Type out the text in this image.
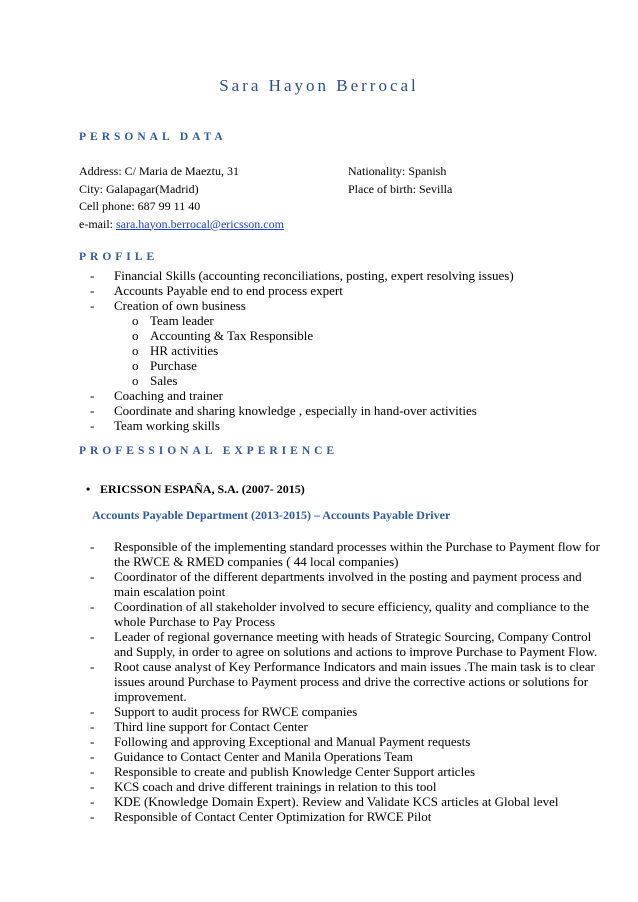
Sara Hayon Berrocal
PERSONAL DATA
Address: C/ Maria de Maeztu, 31
City: Galapagar(Madrid)
Cell phone: 687 99 11 40
e-mail: sara.hayon.berrocal@ericsson.com
Nationality: Spanish
Place of birth: Sevilla
PROFILE
- Financial Skills (accounting reconciliations, posting, expert resolving issues)
- Accounts Payable end to end process expert
- Creation of own business
o Team leader
o Accounting & Tax Responsible
o HR activities
o Purchase
o Sales
- Coaching and trainer
- Coordinate and sharing knowledge , especially in hand-over activities
- Team working skills
PROFESSIONAL EXPERIENCE
• ERICSSON ESPAÑA, S.A. (2007- 2015)
Accounts Payable Department (2013-2015) – Accounts Payable Driver
- Responsible of the implementing standard processes within the Purchase to Payment flow for the RWCE & RMED companies ( 44 local companies)
- Coordinator of the different departments involved in the posting and payment process and main escalation point
- Coordination of all stakeholder involved to secure efficiency, quality and compliance to the whole Purchase to Pay Process
- Leader of regional governance meeting with heads of Strategic Sourcing, Company Control and Supply, in order to agree on solutions and actions to improve Purchase to Payment Flow.
- Root cause analyst of Key Performance Indicators and main issues .The main task is to clear issues around Purchase to Payment process and drive the corrective actions or solutions for improvement.
- Support to audit process for RWCE companies
- Third line support for Contact Center
- Following and approving Exceptional and Manual Payment requests
- Guidance to Contact Center and Manila Operations Team
- Responsible to create and publish Knowledge Center Support articles
- KCS coach and drive different trainings in relation to this tool
- KDE (Knowledge Domain Expert). Review and Validate KCS articles at Global level
- Responsible of Contact Center Optimization for RWCE Pilot
